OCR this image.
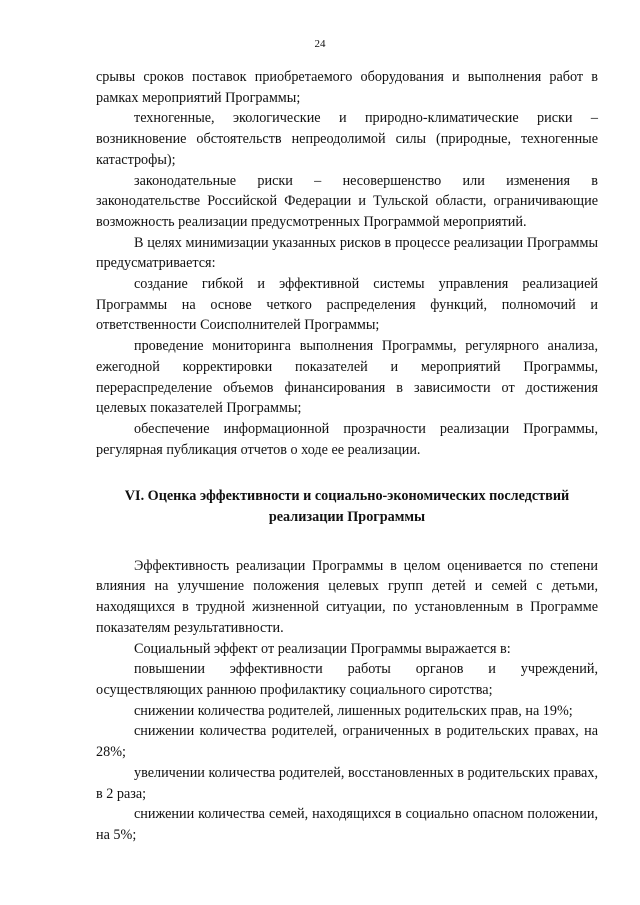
24

срывы сроков поставок приобретаемого оборудования и выполнения работ в рамках мероприятий Программы;

техногенные, экологические и природно-климатические риски – возникновение обстоятельств непреодолимой силы (природные, техногенные катастрофы);

законодательные риски – несовершенство или изменения в законодательстве Российской Федерации и Тульской области, ограничивающие возможность реализации предусмотренных Программой мероприятий.

В целях минимизации указанных рисков в процессе реализации Программы предусматривается:

создание гибкой и эффективной системы управления реализацией Программы на основе четкого распределения функций, полномочий и ответственности Соисполнителей Программы;

проведение мониторинга выполнения Программы, регулярного анализа, ежегодной корректировки показателей и мероприятий Программы, перераспределение объемов финансирования в зависимости от достижения целевых показателей Программы;

обеспечение информационной прозрачности реализации Программы, регулярная публикация отчетов о ходе ее реализации.

VI. Оценка эффективности и социально-экономических последствий реализации Программы

Эффективность реализации Программы в целом оценивается по степени влияния на улучшение положения целевых групп детей и семей с детьми, находящихся в трудной жизненной ситуации, по установленным в Программе показателям результативности.

Социальный эффект от реализации Программы выражается в:

повышении эффективности работы органов и учреждений, осуществляющих раннюю профилактику социального сиротства;

снижении количества родителей, лишенных родительских прав, на 19%;

снижении количества родителей, ограниченных в родительских правах, на 28%;

увеличении количества родителей, восстановленных в родительских правах, в 2 раза;

снижении количества семей, находящихся в социально опасном положении, на 5%;
